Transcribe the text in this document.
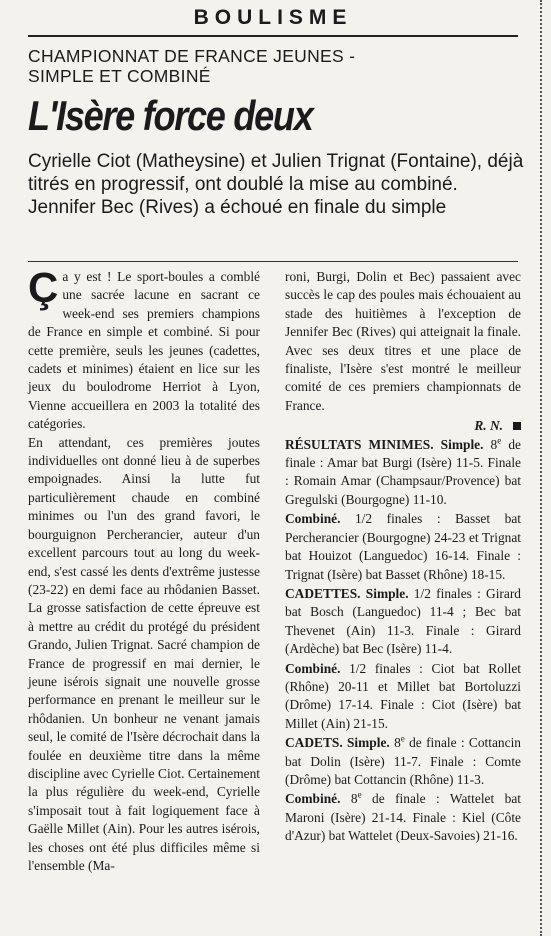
BOULISME
CHAMPIONNAT DE FRANCE JEUNES -
SIMPLE ET COMBINÉ
L'Isère force deux
Cyrielle Ciot (Matheysine) et Julien Trignat (Fontaine), déjà titrés en progressif, ont doublé la mise au combiné. Jennifer Bec (Rives) a échoué en finale du simple

Ça y est ! Le sport-boules a comblé une sacrée lacune en sacrant ce week-end ses premiers champions de France en simple et combiné. Si pour cette première, seuls les jeunes (cadettes, cadets et minimes) étaient en lice sur les jeux du boulodrome Herriot à Lyon, Vienne accueillera en 2003 la totalité des catégories.

En attendant, ces premières joutes individuelles ont donné lieu à de superbes empoignades. Ainsi la lutte fut particulièrement chaude en combiné minimes ou l'un des grand favori, le bourguignon Percherancier, auteur d'un excellent parcours tout au long du week-end, s'est cassé les dents d'extrême justesse (23-22) en demi face au rhôdanien Basset. La grosse satisfaction de cette épreuve est à mettre au crédit du protégé du président Grando, Julien Trignat. Sacré champion de France de progressif en mai dernier, le jeune isérois signait une nouvelle grosse performance en prenant le meilleur sur le rhôdanien. Un bonheur ne venant jamais seul, le comité de l'Isère décrochait dans la foulée en deuxième titre dans la même discipline avec Cyrielle Ciot. Certainement la plus régulière du week-end, Cyrielle s'imposait tout à fait logiquement face à Gaëlle Millet (Ain). Pour les autres isérois, les choses ont été plus difficiles même si l'ensemble (Ma-

roni, Burgi, Dolin et Bec) passaient avec succès le cap des poules mais échouaient au stade des huitièmes à l'exception de Jennifer Bec (Rives) qui atteignait la finale. Avec ses deux titres et une place de finaliste, l'Isère s'est montré le meilleur comité de ces premiers championnats de France.

R. N.

RÉSULTATS MINIMES. Simple. 8e de finale : Amar bat Burgi (Isère) 11-5. Finale : Romain Amar (Champsaur/Provence) bat Gregulski (Bourgogne) 11-10.

Combiné. 1/2 finales : Basset bat Percherancier (Bourgogne) 24-23 et Trignat bat Houizot (Languedoc) 16-14. Finale : Trignat (Isère) bat Basset (Rhône) 18-15.

CADETTES. Simple. 1/2 finales : Girard bat Bosch (Languedoc) 11-4 ; Bec bat Thevenet (Ain) 11-3. Finale : Girard (Ardèche) bat Bec (Isère) 11-4.

Combiné. 1/2 finales : Ciot bat Rollet (Rhône) 20-11 et Millet bat Bortoluzzi (Drôme) 17-14. Finale : Ciot (Isère) bat Millet (Ain) 21-15.

CADETS. Simple. 8e de finale : Cottancin bat Dolin (Isère) 11-7. Finale : Comte (Drôme) bat Cottancin (Rhône) 11-3.

Combiné. 8e de finale : Wattelet bat Maroni (Isère) 21-14. Finale : Kiel (Côte d'Azur) bat Wattelet (Deux-Savoies) 21-16.
